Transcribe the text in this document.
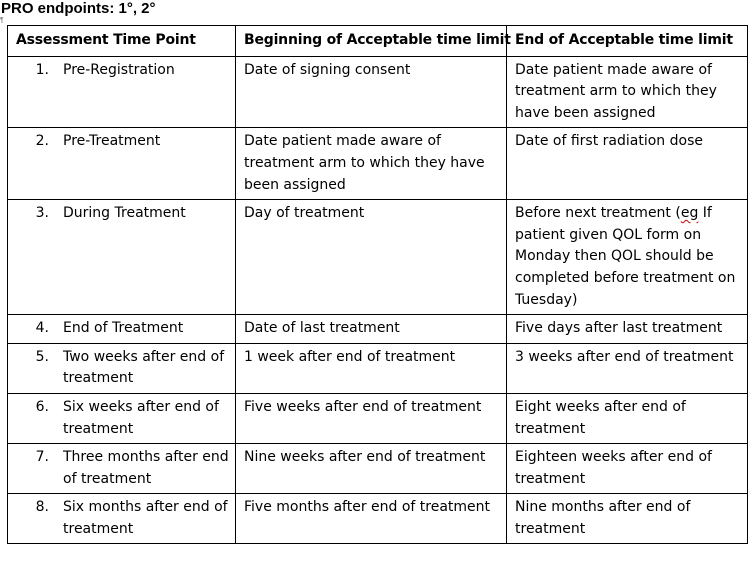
PRO endpoints: 1°, 2°
¶
Assessment Time Point	Beginning of Acceptable time limit	End of Acceptable time limit

1. Pre-Registration	Date of signing consent	Date patient made aware of treatment arm to which they have been assigned

2. Pre-Treatment	Date patient made aware of treatment arm to which they have been assigned	Date of first radiation dose

3. During Treatment	Day of treatment	Before next treatment (eg If patient given QOL form on Monday then QOL should be completed before treatment on Tuesday)

4. End of Treatment	Date of last treatment	Five days after last treatment

5. Two weeks after end of treatment	1 week after end of treatment	3 weeks after end of treatment

6. Six weeks after end of treatment	Five weeks after end of treatment	Eight weeks after end of treatment

7. Three months after end of treatment	Nine weeks after end of treatment	Eighteen weeks after end of treatment

8. Six months after end of treatment	Five months after end of treatment	Nine months after end of treatment
